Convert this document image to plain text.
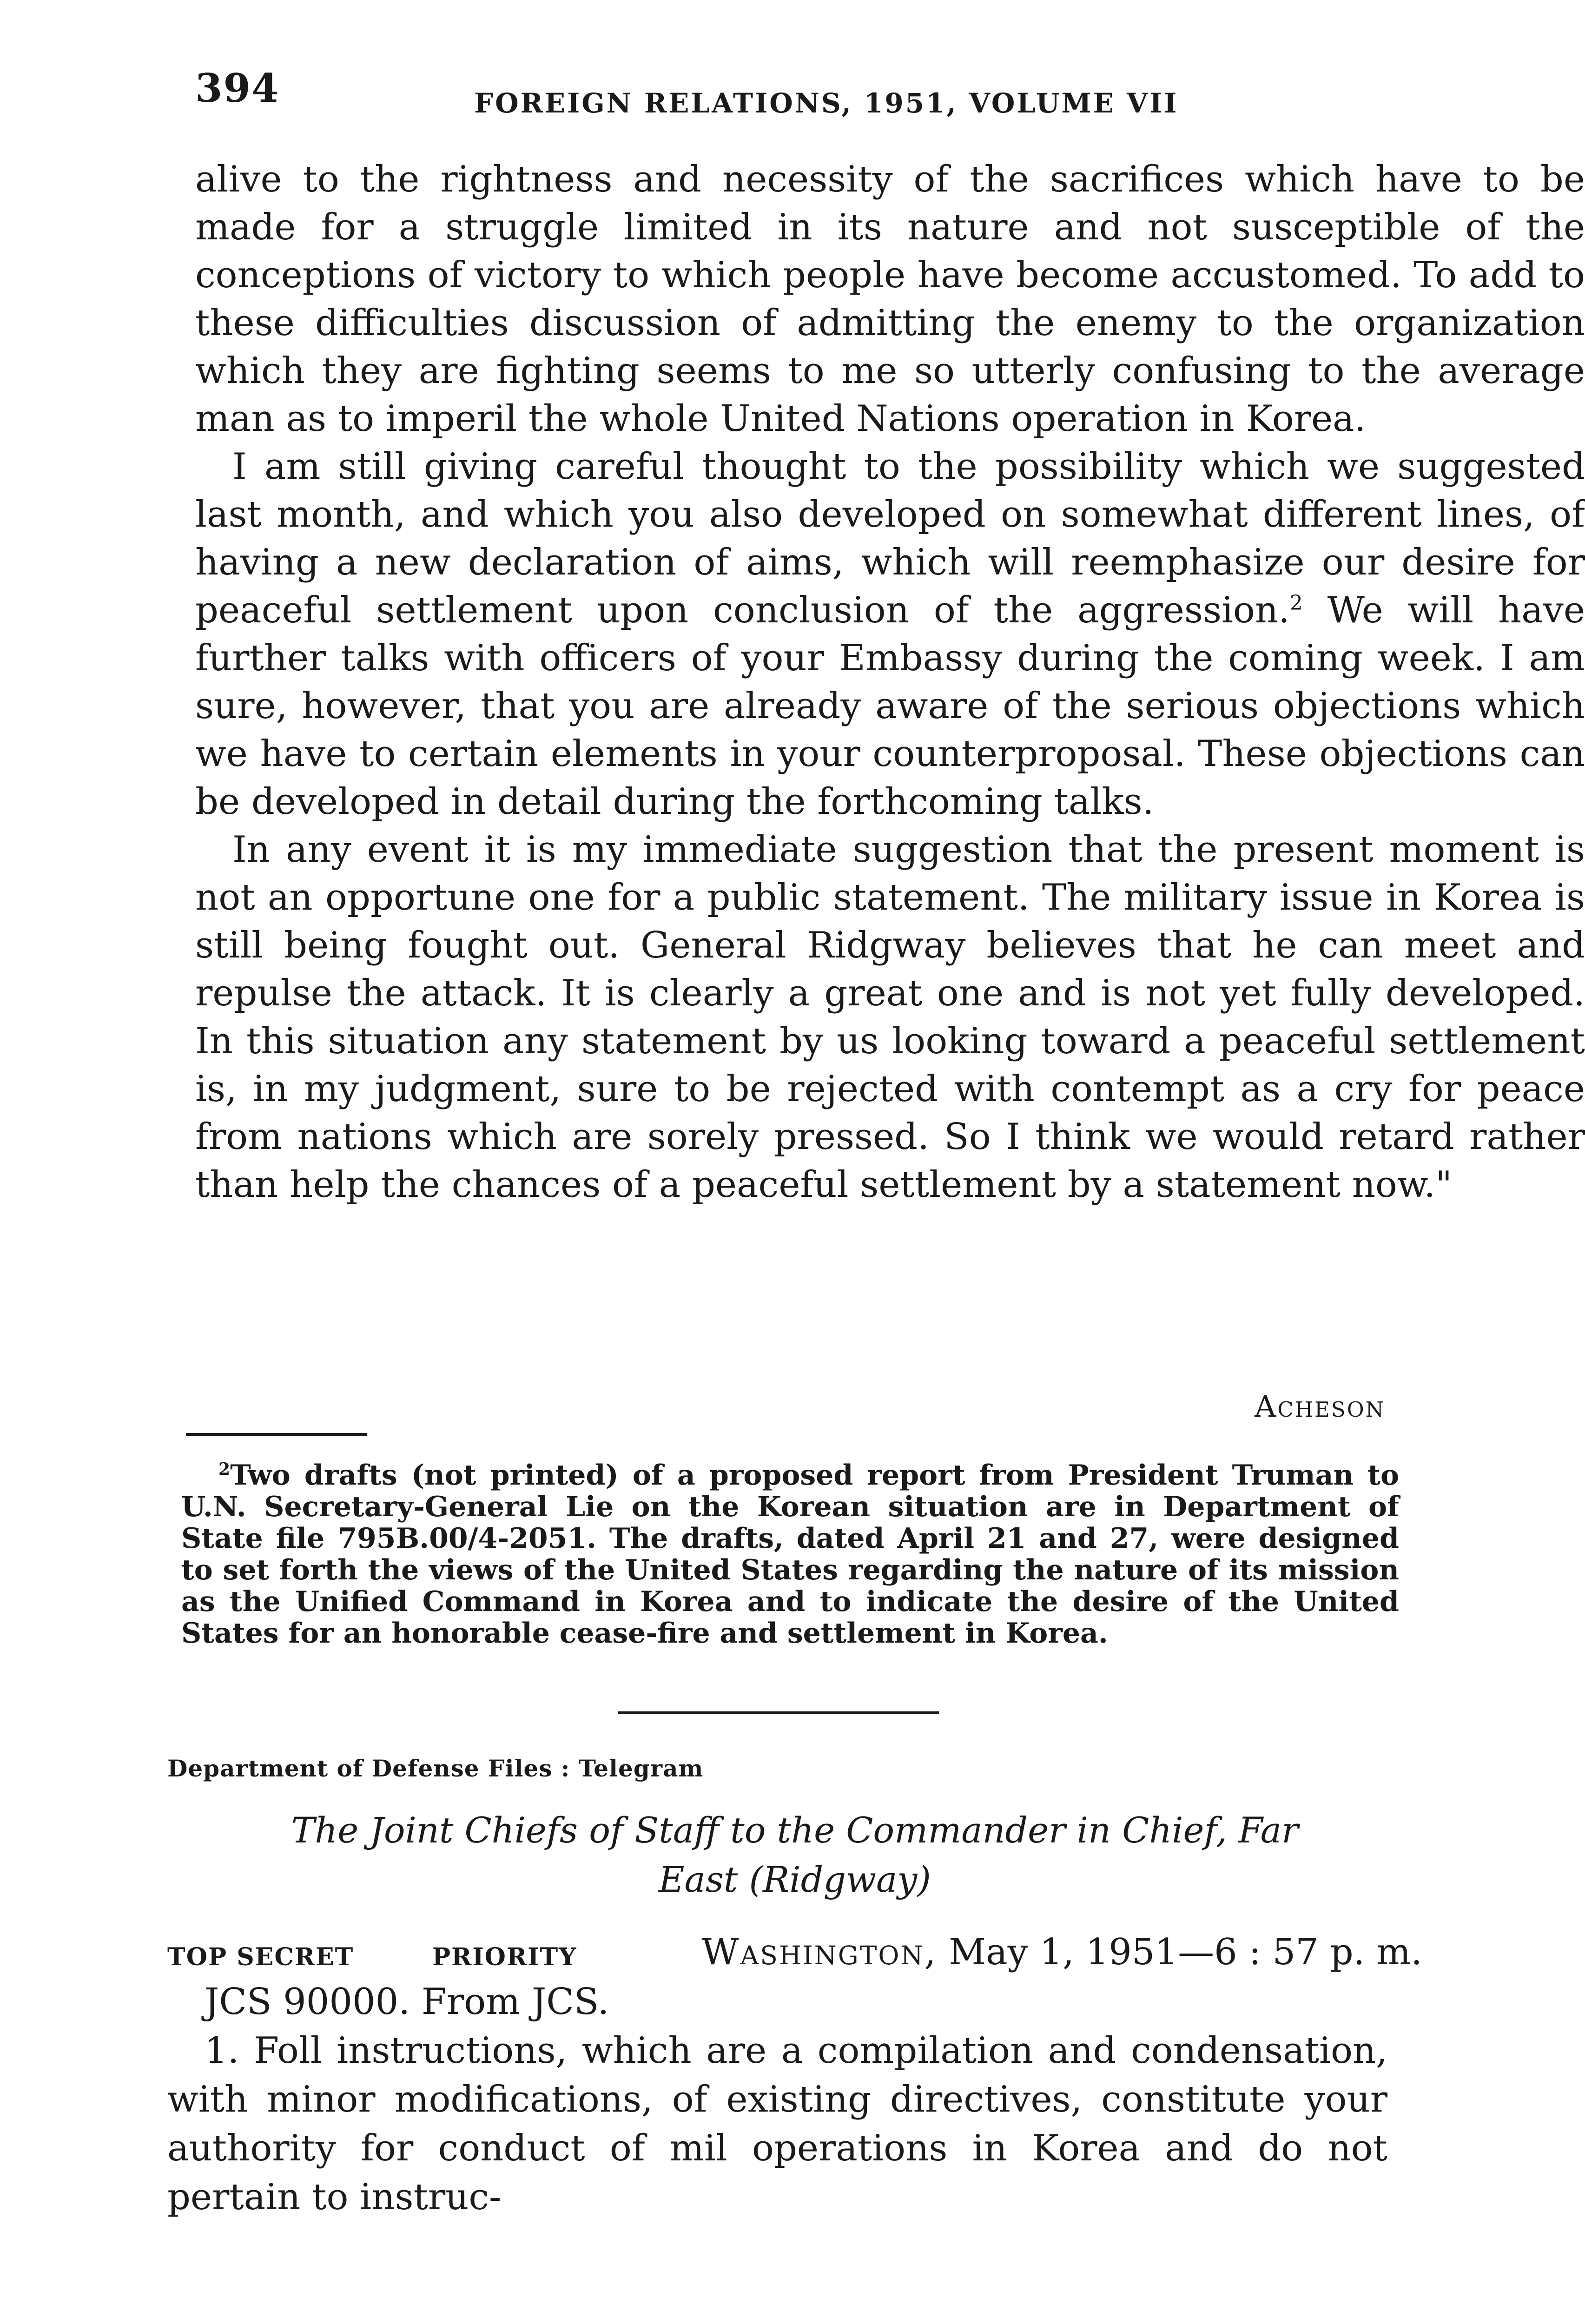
394	FOREIGN RELATIONS, 1951, VOLUME VII

alive to the rightness and necessity of the sacrifices which have to be made for a struggle limited in its nature and not susceptible of the conceptions of victory to which people have become accustomed. To add to these difficulties discussion of admitting the enemy to the organization which they are fighting seems to me so utterly confusing to the average man as to imperil the whole United Nations operation in Korea.

I am still giving careful thought to the possibility which we suggested last month, and which you also developed on somewhat different lines, of having a new declaration of aims, which will reemphasize our desire for peaceful settlement upon conclusion of the aggression.$^2$ We will have further talks with officers of your Embassy during the coming week. I am sure, however, that you are already aware of the serious objections which we have to certain elements in your counterproposal. These objections can be developed in detail during the forthcoming talks.

In any event it is my immediate suggestion that the present moment is not an opportune one for a public statement. The military issue in Korea is still being fought out. General Ridgway believes that he can meet and repulse the attack. It is clearly a great one and is not yet fully developed. In this situation any statement by us looking toward a peaceful settlement is, in my judgment, sure to be rejected with contempt as a cry for peace from nations which are sorely pressed. So I think we would retard rather than help the chances of a peaceful settlement by a statement now."

Acheson
$^2$Two drafts (not printed) of a proposed report from President Truman to U.N. Secretary-General Lie on the Korean situation are in Department of State file 795B.00/4-2051. The drafts, dated April 21 and 27, were designed to set forth the views of the United States regarding the nature of its mission as the Unified Command in Korea and to indicate the desire of the United States for an honorable cease-fire and settlement in Korea.
Department of Defense Files : Telegram
The Joint Chiefs of Staff to the Commander in Chief, Far
East (Ridgway)
TOP SECRET	PRIORITY	Washington, May 1, 1951—6 : 57 p. m.

JCS 90000. From JCS.

1. Foll instructions, which are a compilation and condensation, with minor modifications, of existing directives, constitute your authority for conduct of mil operations in Korea and do not pertain to instruc-
